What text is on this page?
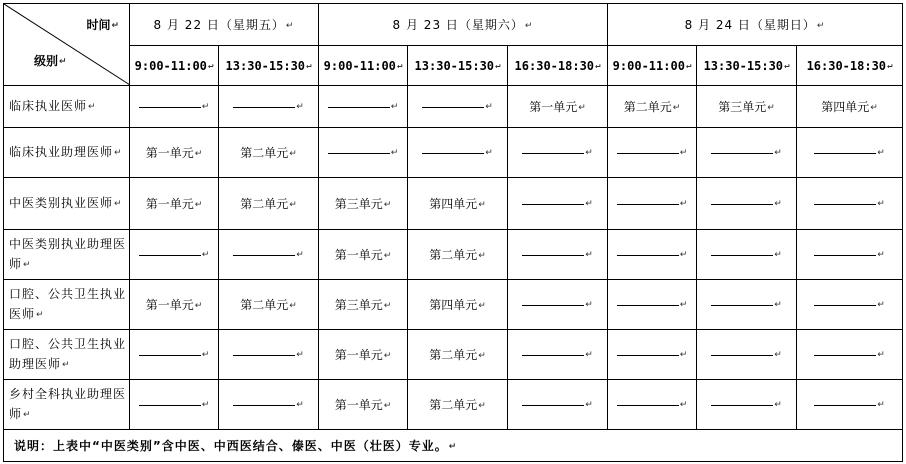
时间↵
级别↵	8 月 22 日（星期五）↵		8 月 23 日（星期六）↵			8 月 24 日（星期日）↵		
	9:00-11:00↵	13:30-15:30↵	9:00-11:00↵	13:30-15:30↵	16:30-18:30↵	9:00-11:00↵	13:30-15:30↵	16:30-18:30↵
临床执业医师↵	↵	↵	↵	↵	第一单元↵	第二单元↵	第三单元↵	第四单元↵
临床执业助理医师↵	第一单元↵	第二单元↵	↵	↵	↵	↵	↵	↵
中医类别执业医师↵	第一单元↵	第二单元↵	第三单元↵	第四单元↵	↵	↵	↵	↵
中医类别执业助理医师↵	↵	↵	第一单元↵	第二单元↵	↵	↵	↵	↵
口腔、公共卫生执业医师↵	第一单元↵	第二单元↵	第三单元↵	第四单元↵	↵	↵	↵	↵
口腔、公共卫生执业助理医师↵	↵	↵	第一单元↵	第二单元↵	↵	↵	↵	↵
乡村全科执业助理医师↵	↵	↵	第一单元↵	第二单元↵	↵	↵	↵	↵
说明：上表中“中医类别”含中医、中西医结合、傣医、中医（壮医）专业。↵								
